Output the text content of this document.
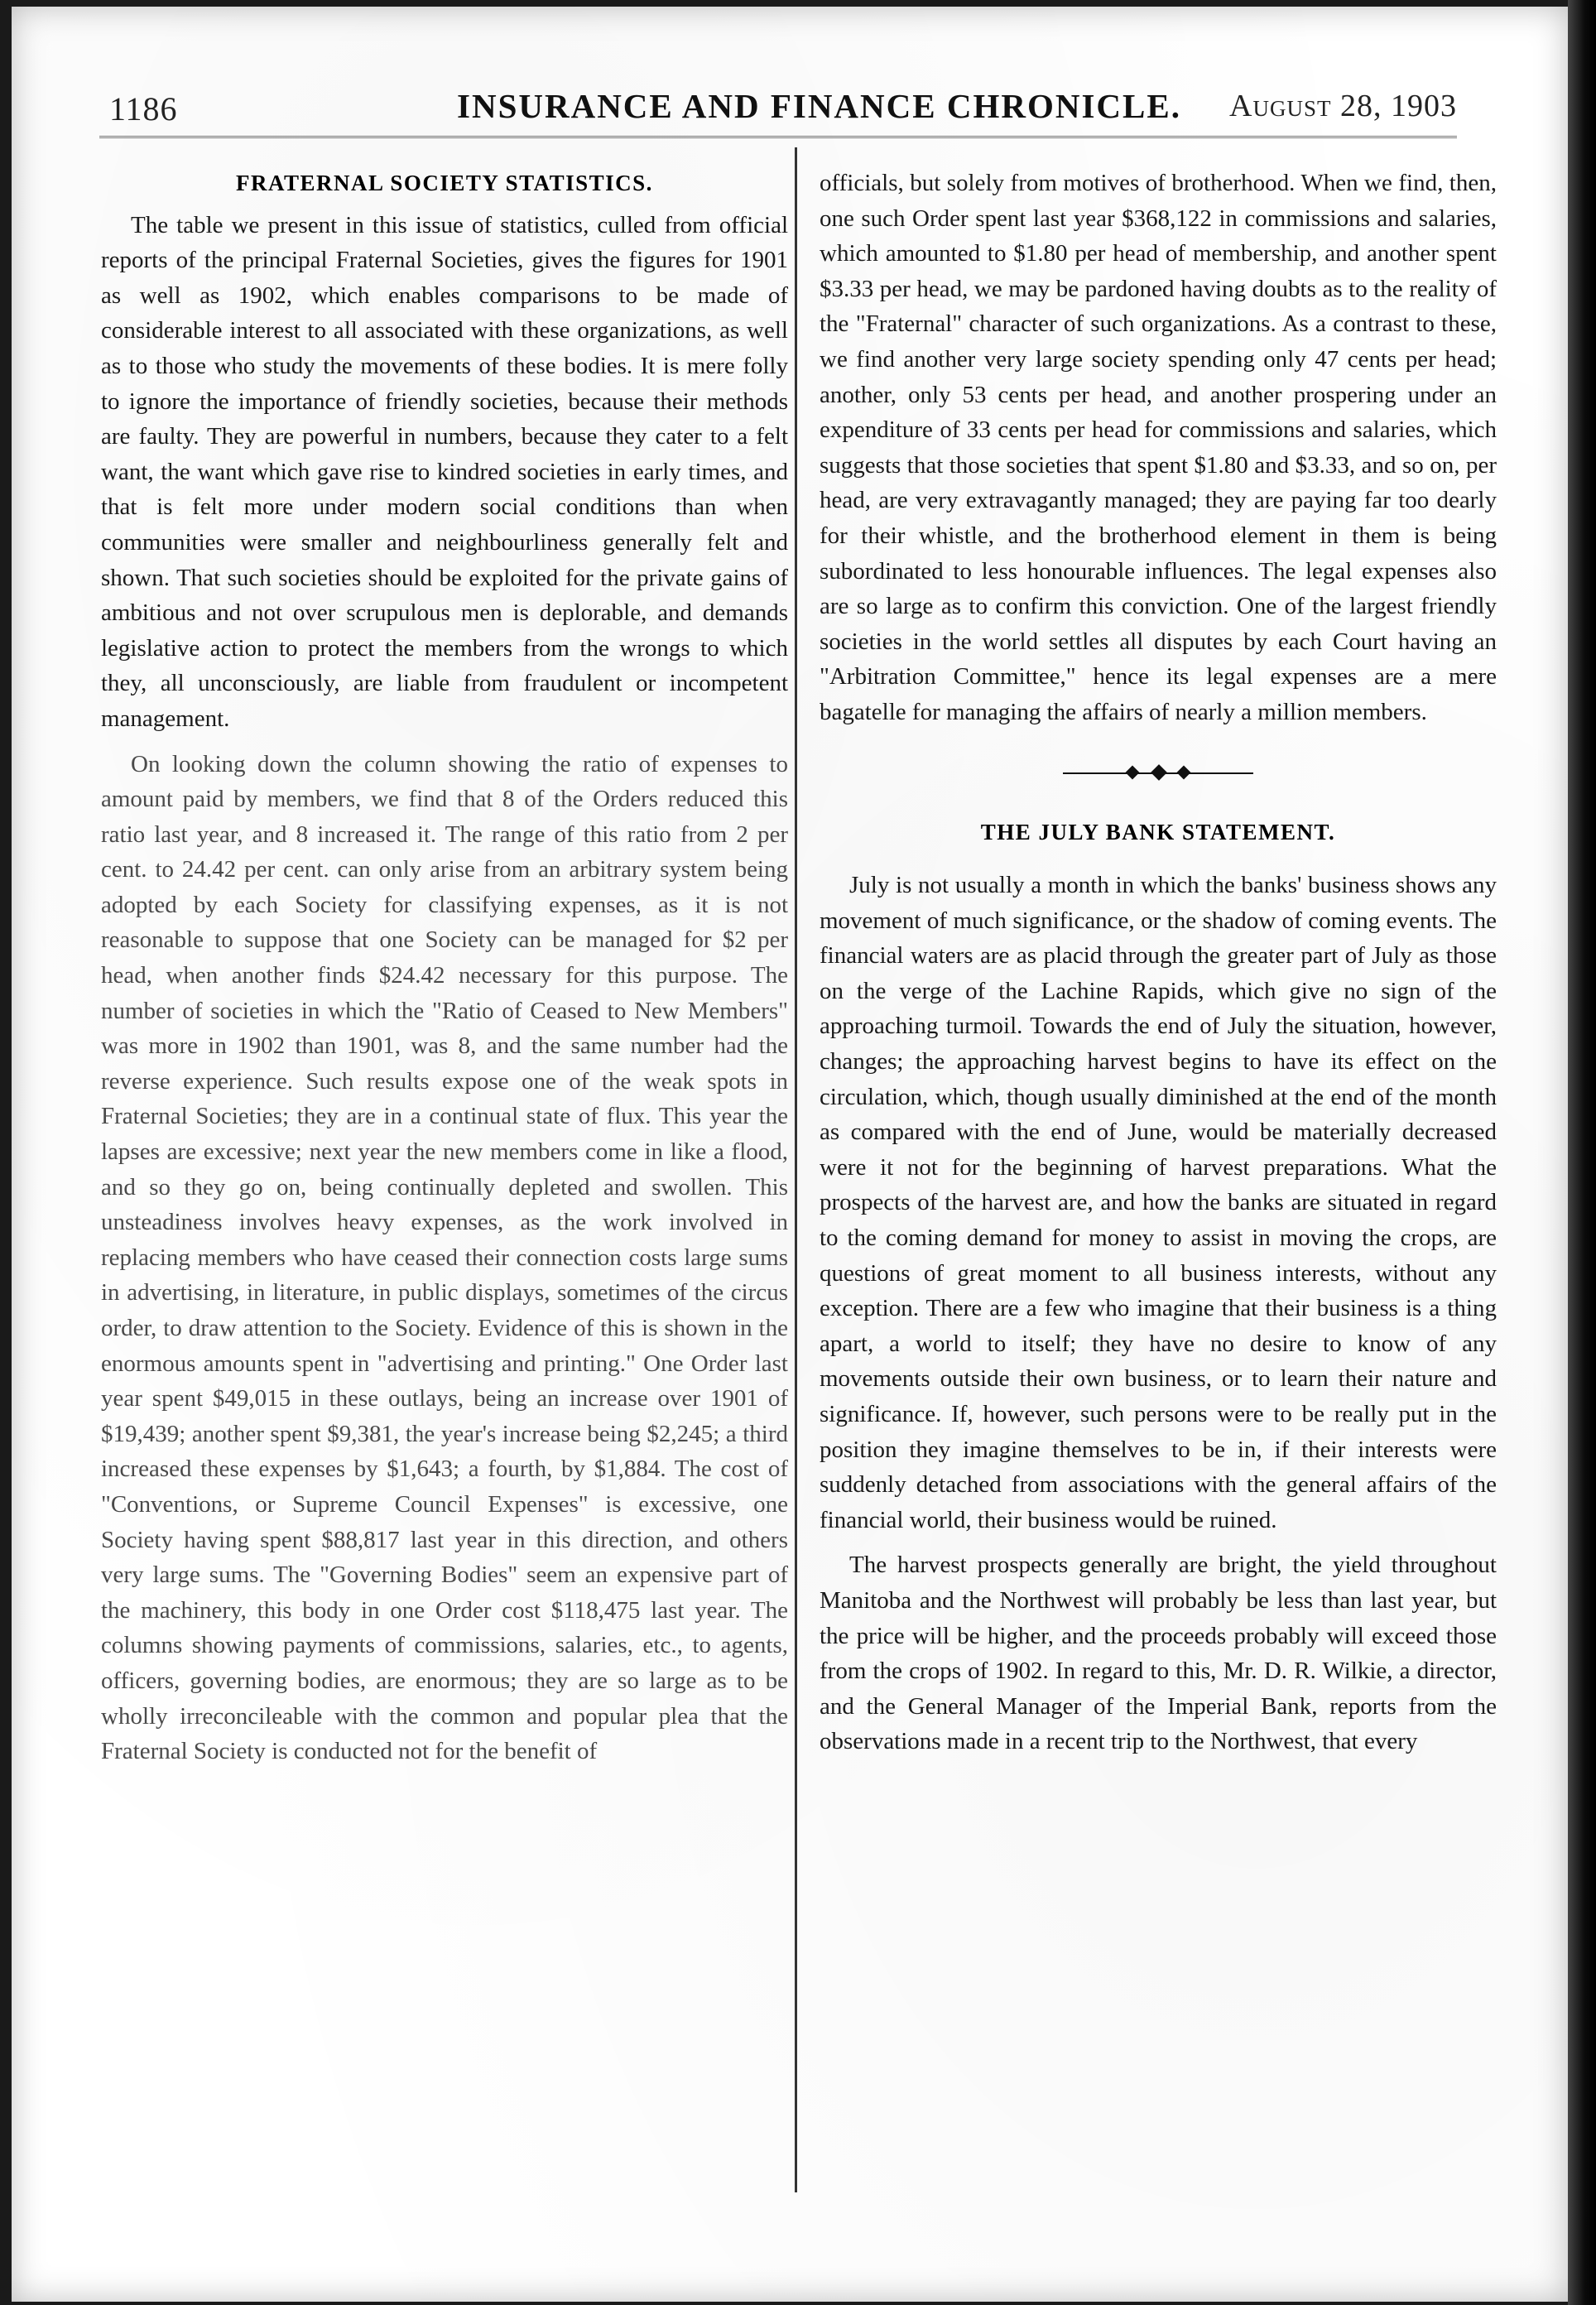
1186	INSURANCE AND FINANCE CHRONICLE. August 28, 1903
FRATERNAL SOCIETY STATISTICS.

The table we present in this issue of statistics, culled from official reports of the principal Fraternal Societies, gives the figures for 1901 as well as 1902, which enables comparisons to be made of considerable interest to all associated with these organizations, as well as to those who study the movements of these bodies. It is mere folly to ignore the importance of friendly societies, because their methods are faulty. They are powerful in numbers, because they cater to a felt want, the want which gave rise to kindred societies in early times, and that is felt more under modern social conditions than when communities were smaller and neighbourliness generally felt and shown. That such societies should be exploited for the private gains of ambitious and not over scrupulous men is deplorable, and demands legislative action to protect the members from the wrongs to which they, all unconsciously, are liable from fraudulent or incompetent management.

On looking down the column showing the ratio of expenses to amount paid by members, we find that 8 of the Orders reduced this ratio last year, and 8 increased it. The range of this ratio from 2 per cent. to 24.42 per cent. can only arise from an arbitrary system being adopted by each Society for classifying expenses, as it is not reasonable to suppose that one Society can be managed for $2 per head, when another finds $24.42 necessary for this purpose. The number of societies in which the "Ratio of Ceased to New Members" was more in 1902 than 1901, was 8, and the same number had the reverse experience. Such results expose one of the weak spots in Fraternal Societies; they are in a continual state of flux. This year the lapses are excessive; next year the new members come in like a flood, and so they go on, being continually depleted and swollen. This unsteadiness involves heavy expenses, as the work involved in replacing members who have ceased their connection costs large sums in advertising, in literature, in public displays, sometimes of the circus order, to draw attention to the Society. Evidence of this is shown in the enormous amounts spent in "advertising and printing." One Order last year spent $49,015 in these outlays, being an increase over 1901 of $19,439; another spent $9,381, the year's increase being $2,245; a third increased these expenses by $1,643; a fourth, by $1,884. The cost of "Conventions, or Supreme Council Expenses" is excessive, one Society having spent $88,817 last year in this direction, and others very large sums. The "Governing Bodies" seem an expensive part of the machinery, this body in one Order cost $118,475 last year. The columns showing payments of commissions, salaries, etc., to agents, officers, governing bodies, are enormous; they are so large as to be wholly irreconcileable with the common and popular plea that the Fraternal Society is conducted not for the benefit of

officials, but solely from motives of brotherhood. When we find, then, one such Order spent last year $368,122 in commissions and salaries, which amounted to $1.80 per head of membership, and another spent $3.33 per head, we may be pardoned having doubts as to the reality of the "Fraternal" character of such organizations. As a contrast to these, we find another very large society spending only 47 cents per head; another, only 53 cents per head, and another prospering under an expenditure of 33 cents per head for commissions and salaries, which suggests that those societies that spent $1.80 and $3.33, and so on, per head, are very extravagantly managed; they are paying far too dearly for their whistle, and the brotherhood element in them is being subordinated to less honourable influences. The legal expenses also are so large as to confirm this conviction. One of the largest friendly societies in the world settles all disputes by each Court having an "Arbitration Committee," hence its legal expenses are a mere bagatelle for managing the affairs of nearly a million members.

THE JULY BANK STATEMENT.

July is not usually a month in which the banks' business shows any movement of much significance, or the shadow of coming events. The financial waters are as placid through the greater part of July as those on the verge of the Lachine Rapids, which give no sign of the approaching turmoil. Towards the end of July the situation, however, changes; the approaching harvest begins to have its effect on the circulation, which, though usually diminished at the end of the month as compared with the end of June, would be materially decreased were it not for the beginning of harvest preparations. What the prospects of the harvest are, and how the banks are situated in regard to the coming demand for money to assist in moving the crops, are questions of great moment to all business interests, without any exception. There are a few who imagine that their business is a thing apart, a world to itself; they have no desire to know of any movements outside their own business, or to learn their nature and significance. If, however, such persons were to be really put in the position they imagine themselves to be in, if their interests were suddenly detached from associations with the general affairs of the financial world, their business would be ruined.

The harvest prospects generally are bright, the yield throughout Manitoba and the Northwest will probably be less than last year, but the price will be higher, and the proceeds probably will exceed those from the crops of 1902. In regard to this, Mr. D. R. Wilkie, a director, and the General Manager of the Imperial Bank, reports from the observations made in a recent trip to the Northwest, that every
